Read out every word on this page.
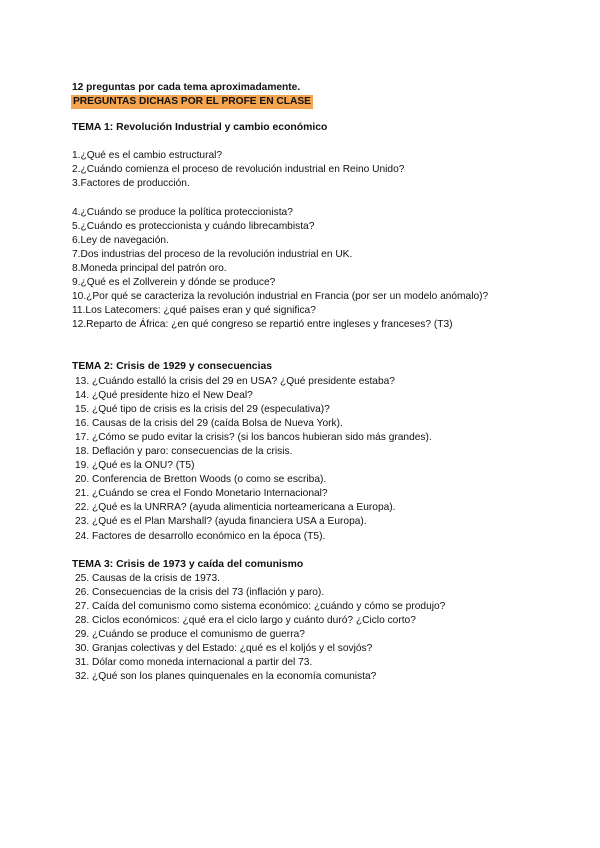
12 preguntas por cada tema aproximadamente.
PREGUNTAS DICHAS POR EL PROFE EN CLASE
TEMA 1: Revolución Industrial y cambio económico
1.¿Qué es el cambio estructural?
2.¿Cuándo comienza el proceso de revolución industrial en Reino Unido?
3.Factores de producción.
4.¿Cuándo se produce la política proteccionista?
5.¿Cuándo es proteccionista y cuándo librecambista?
6.Ley de navegación.
7.Dos industrias del proceso de la revolución industrial en UK.
8.Moneda principal del patrón oro.
9.¿Qué es el Zollverein y dónde se produce?
10.¿Por qué se caracteriza la revolución industrial en Francia (por ser un modelo anómalo)?
11.Los Latecomers: ¿qué países eran y qué significa?
12.Reparto de África: ¿en qué congreso se repartió entre ingleses y franceses? (T3)
TEMA 2: Crisis de 1929 y consecuencias
13. ¿Cuándo estalló la crisis del 29 en USA? ¿Qué presidente estaba?
14. ¿Qué presidente hizo el New Deal?
15. ¿Qué tipo de crisis es la crisis del 29 (especulativa)?
16. Causas de la crisis del 29 (caída Bolsa de Nueva York).
17. ¿Cómo se pudo evitar la crisis? (si los bancos hubieran sido más grandes).
18. Deflación y paro: consecuencias de la crisis.
19. ¿Qué es la ONU? (T5)
20. Conferencia de Bretton Woods (o como se escriba).
21. ¿Cuándo se crea el Fondo Monetario Internacional?
22. ¿Qué es la UNRRA? (ayuda alimenticia norteamericana a Europa).
23. ¿Qué es el Plan Marshall? (ayuda financiera USA a Europa).
24. Factores de desarrollo económico en la época (T5).
TEMA 3: Crisis de 1973 y caída del comunismo
25. Causas de la crisis de 1973.
26. Consecuencias de la crisis del 73 (inflación y paro).
27. Caída del comunismo como sistema económico: ¿cuándo y cómo se produjo?
28. Ciclos económicos: ¿qué era el ciclo largo y cuánto duró? ¿Ciclo corto?
29. ¿Cuándo se produce el comunismo de guerra?
30. Granjas colectivas y del Estado: ¿qué es el koljós y el sovjós?
31. Dólar como moneda internacional a partir del 73.
32. ¿Qué son los planes quinquenales en la economía comunista?
